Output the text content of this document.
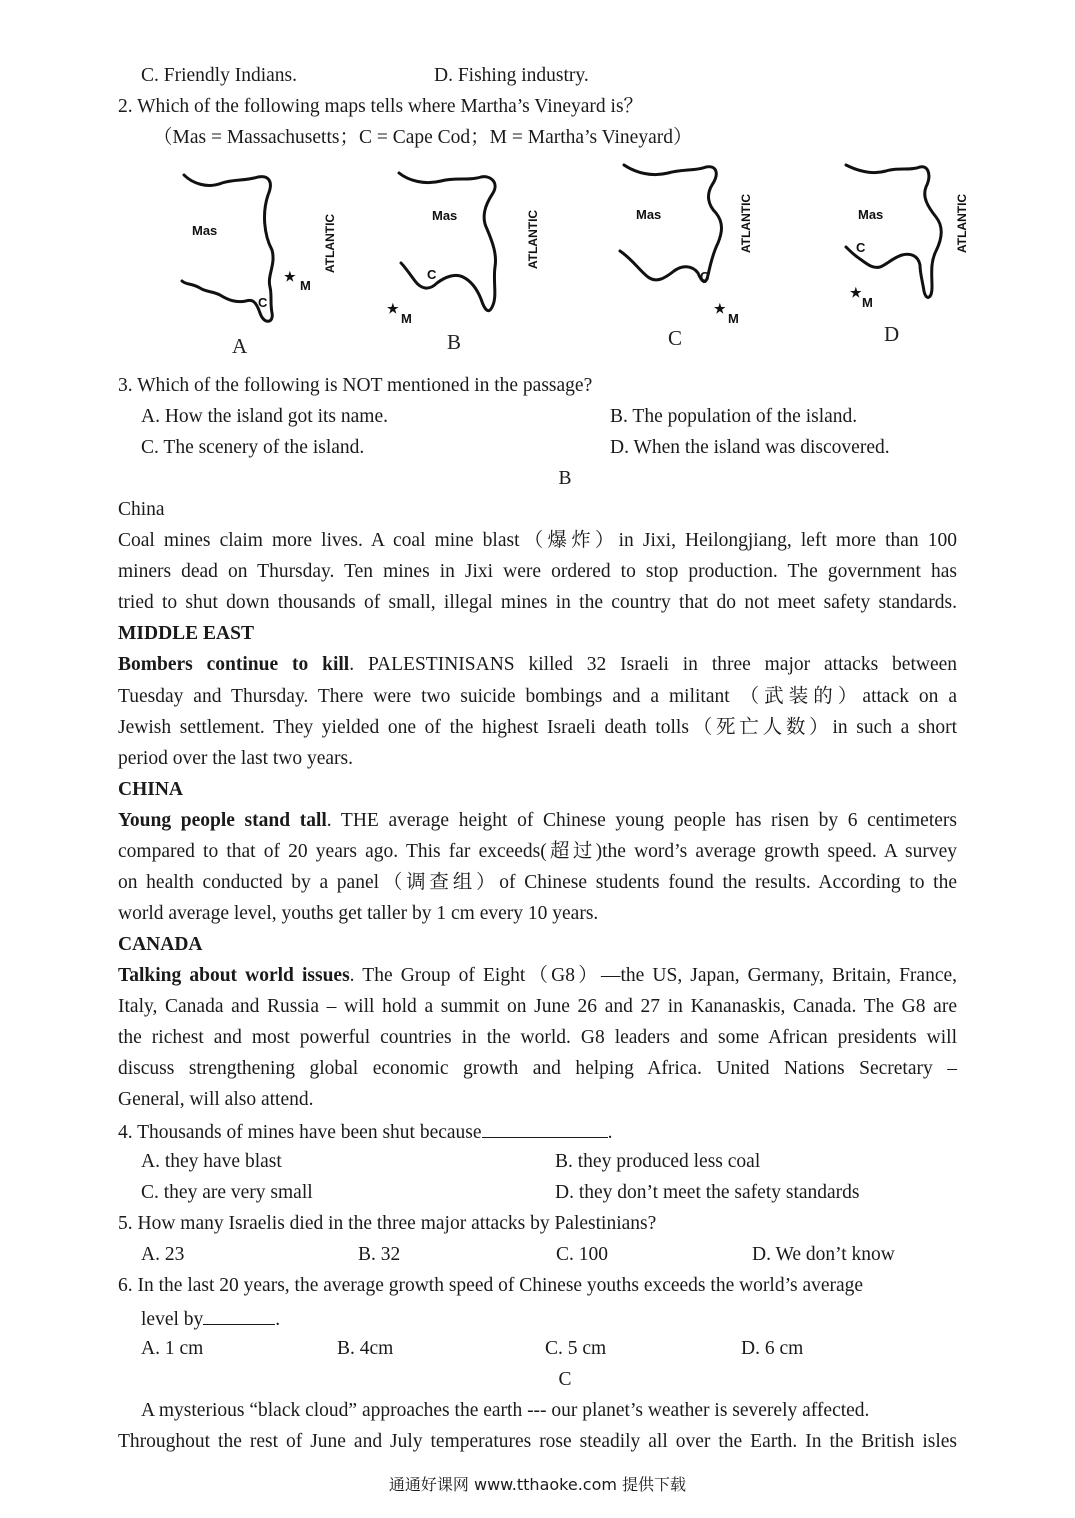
C. Friendly Indians.	D. Fishing industry.
2. Which of the following maps tells where Martha’s Vineyard is？
（Mas = Massachusetts；C = Cape Cod；M = Martha’s Vineyard）
Mas
C
★
M
ATLANTIC
A
Mas
C
★
M
ATLANTIC
B
Mas
C
★
M
ATLANTIC
C
Mas
C
★
M
ATLANTIC
D
3. Which of the following is NOT mentioned in the passage?
A. How the island got its name.	B. The population of the island.
C. The scenery of the island.	D. When the island was discovered.
B
China
Coal mines claim more lives. A coal mine blast（爆炸）in Jixi, Heilongjiang, left more than 100
miners dead on Thursday. Ten mines in Jixi were ordered to stop production. The government has
tried to shut down thousands of small, illegal mines in the country that do not meet safety standards.
MIDDLE EAST
Bombers continue to kill. PALESTINISANS killed 32 Israeli in three major attacks between
Tuesday and Thursday. There were two suicide bombings and a militant （武装的）attack on a
Jewish settlement. They yielded one of the highest Israeli death tolls（死亡人数）in such a short
period over the last two years.
CHINA
Young people stand tall. THE average height of Chinese young people has risen by 6 centimeters
compared to that of 20 years ago. This far exceeds(超过)the word’s average growth speed. A survey
on health conducted by a panel（调查组）of Chinese students found the results. According to the
world average level, youths get taller by 1 cm every 10 years.
CANADA
Talking about world issues. The Group of Eight（G8）—the US, Japan, Germany, Britain, France,
Italy, Canada and Russia – will hold a summit on June 26 and 27 in Kananaskis, Canada. The G8 are
the richest and most powerful countries in the world. G8 leaders and some African presidents will
discuss strengthening global economic growth and helping Africa. United Nations Secretary –
General, will also attend.
4. Thousands of mines have been shut because	.
A. they have blast	B. they produced less coal
C. they are very small	D. they don’t meet the safety standards
5. How many Israelis died in the three major attacks by Palestinians?
A. 23	B. 32	C. 100	D. We don’t know
6. In the last 20 years, the average growth speed of Chinese youths exceeds the world’s average
level by	.
A. 1 cm	B. 4cm	C. 5 cm	D. 6 cm
C
A mysterious “black cloud” approaches the earth --- our planet’s weather is severely affected.
Throughout the rest of June and July temperatures rose steadily all over the Earth. In the British isles
通通好课网 www.tthaoke.com 提供下载
